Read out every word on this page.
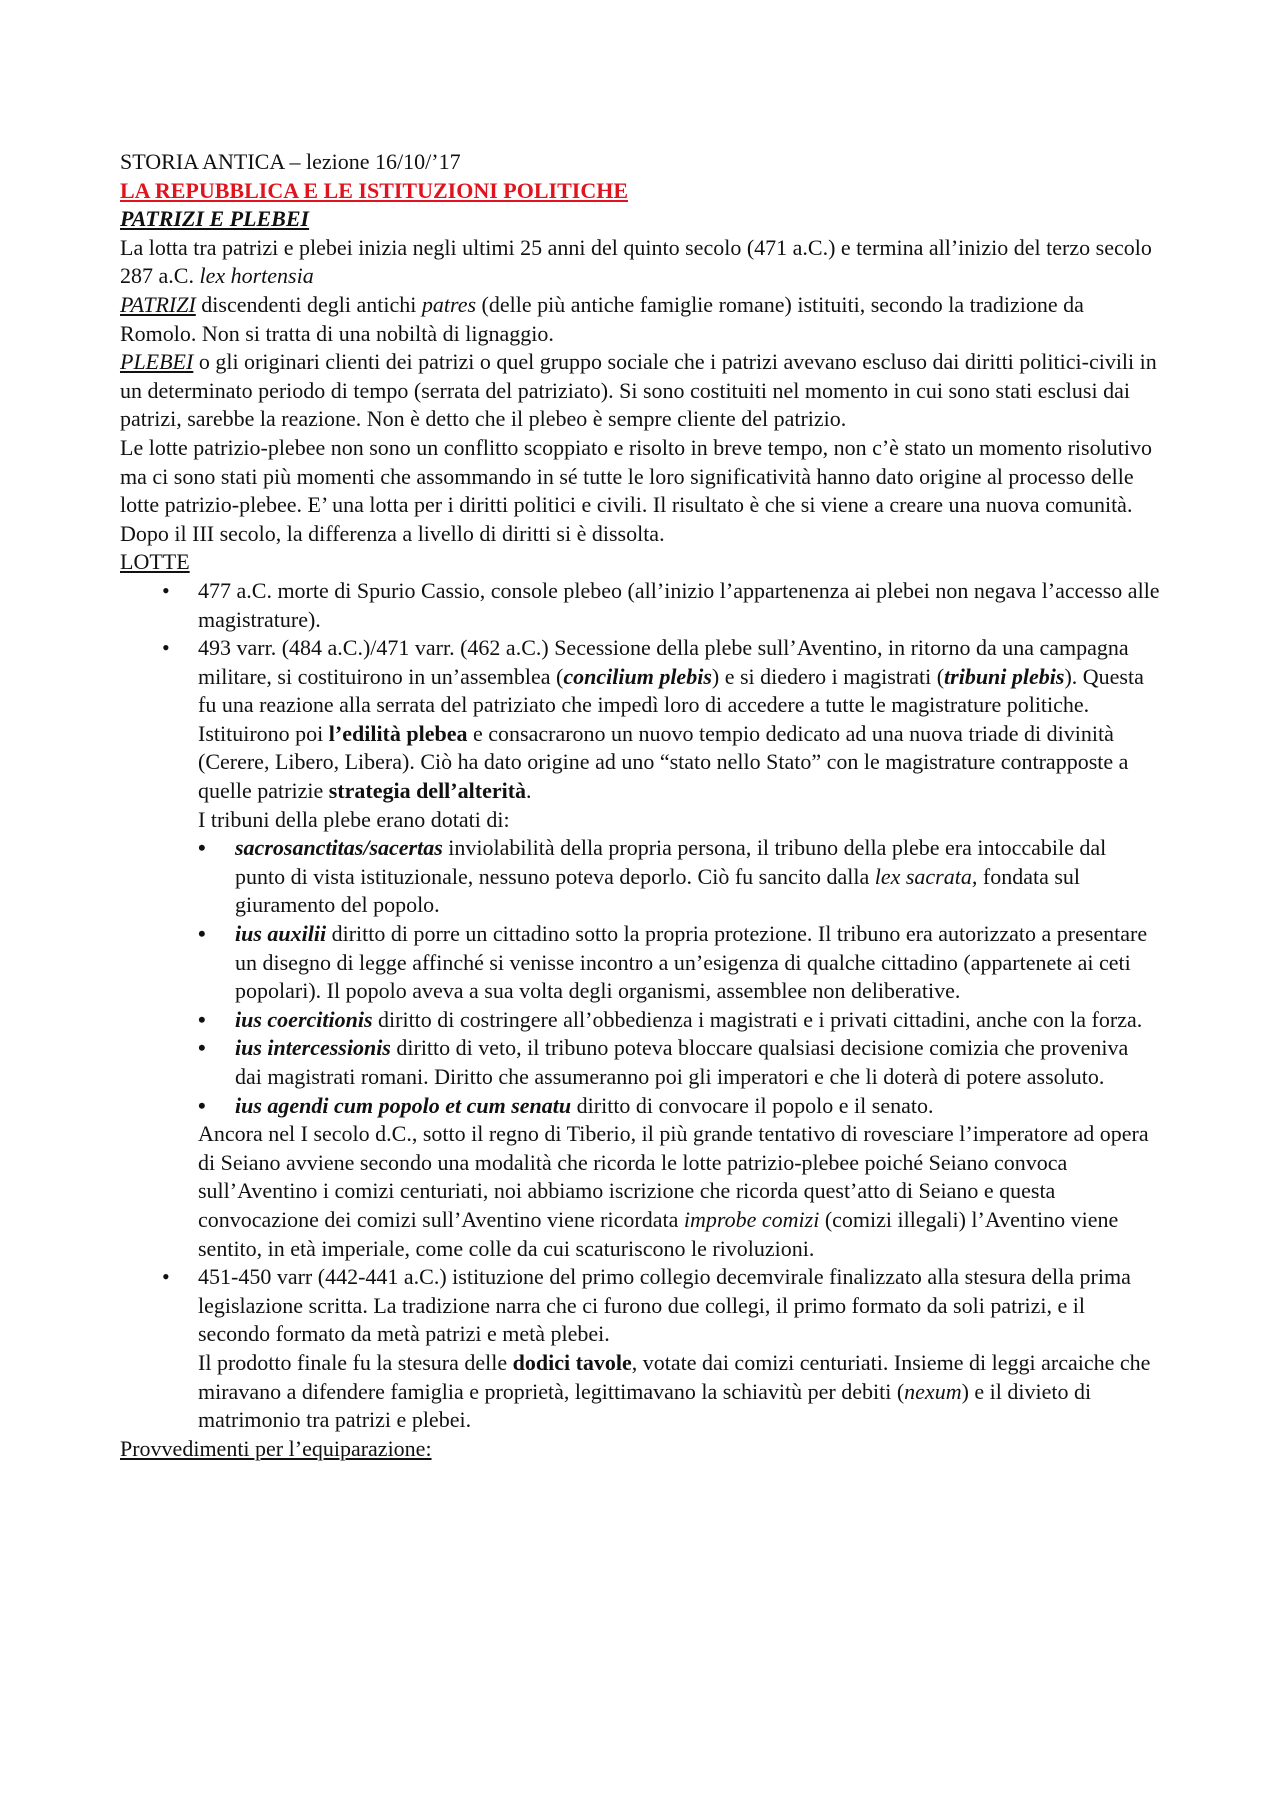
STORIA ANTICA – lezione 16/10/’17

LA REPUBBLICA E LE ISTITUZIONI POLITICHE

PATRIZI E PLEBEI

La lotta tra patrizi e plebei inizia negli ultimi 25 anni del quinto secolo (471 a.C.) e termina all’inizio del terzo secolo 287 a.C. lex hortensia

PATRIZI discendenti degli antichi patres (delle più antiche famiglie romane) istituiti, secondo la tradizione da Romolo. Non si tratta di una nobiltà di lignaggio.

PLEBEI o gli originari clienti dei patrizi o quel gruppo sociale che i patrizi avevano escluso dai diritti politici-civili in un determinato periodo di tempo (serrata del patriziato). Si sono costituiti nel momento in cui sono stati esclusi dai patrizi, sarebbe la reazione. Non è detto che il plebeo è sempre cliente del patrizio.

Le lotte patrizio-plebee non sono un conflitto scoppiato e risolto in breve tempo, non c’è stato un momento risolutivo ma ci sono stati più momenti che assommando in sé tutte le loro significatività hanno dato origine al processo delle lotte patrizio-plebee. E’ una lotta per i diritti politici e civili. Il risultato è che si viene a creare una nuova comunità. Dopo il III secolo, la differenza a livello di diritti si è dissolta.

LOTTE

• 477 a.C. morte di Spurio Cassio, console plebeo (all’inizio l’appartenenza ai plebei non negava l’accesso alle magistrature).
• 493 varr. (484 a.C.)/471 varr. (462 a.C.) Secessione della plebe sull’Aventino, in ritorno da una campagna militare, si costituirono in un’assemblea (concilium plebis) e si diedero i magistrati (tribuni plebis). Questa fu una reazione alla serrata del patriziato che impedì loro di accedere a tutte le magistrature politiche. Istituirono poi l’edilità plebea e consacrarono un nuovo tempio dedicato ad una nuova triade di divinità (Cerere, Libero, Libera). Ciò ha dato origine ad uno “stato nello Stato” con le magistrature contrapposte a quelle patrizie strategia dell’alterità.

I tribuni della plebe erano dotati di:

• sacrosanctitas/sacertas inviolabilità della propria persona, il tribuno della plebe era intoccabile dal punto di vista istituzionale, nessuno poteva deporlo. Ciò fu sancito dalla lex sacrata, fondata sul giuramento del popolo.
• ius auxilii diritto di porre un cittadino sotto la propria protezione. Il tribuno era autorizzato a presentare un disegno di legge affinché si venisse incontro a un’esigenza di qualche cittadino (appartenete ai ceti popolari). Il popolo aveva a sua volta degli organismi, assemblee non deliberative.
• ius coercitionis diritto di costringere all’obbedienza i magistrati e i privati cittadini, anche con la forza.
• ius intercessionis diritto di veto, il tribuno poteva bloccare qualsiasi decisione comizia che proveniva dai magistrati romani. Diritto che assumeranno poi gli imperatori e che li doterà di potere assoluto.
• ius agendi cum popolo et cum senatu diritto di convocare il popolo e il senato.

Ancora nel I secolo d.C., sotto il regno di Tiberio, il più grande tentativo di rovesciare l’imperatore ad opera di Seiano avviene secondo una modalità che ricorda le lotte patrizio-plebee poiché Seiano convoca sull’Aventino i comizi centuriati, noi abbiamo iscrizione che ricorda quest’atto di Seiano e questa convocazione dei comizi sull’Aventino viene ricordata improbe comizi (comizi illegali) l’Aventino viene sentito, in età imperiale, come colle da cui scaturiscono le rivoluzioni.

• 451-450 varr (442-441 a.C.) istituzione del primo collegio decemvirale finalizzato alla stesura della prima legislazione scritta. La tradizione narra che ci furono due collegi, il primo formato da soli patrizi, e il secondo formato da metà patrizi e metà plebei.

Il prodotto finale fu la stesura delle dodici tavole, votate dai comizi centuriati. Insieme di leggi arcaiche che miravano a difendere famiglia e proprietà, legittimavano la schiavitù per debiti (nexum) e il divieto di matrimonio tra patrizi e plebei.

Provvedimenti per l’equiparazione:
